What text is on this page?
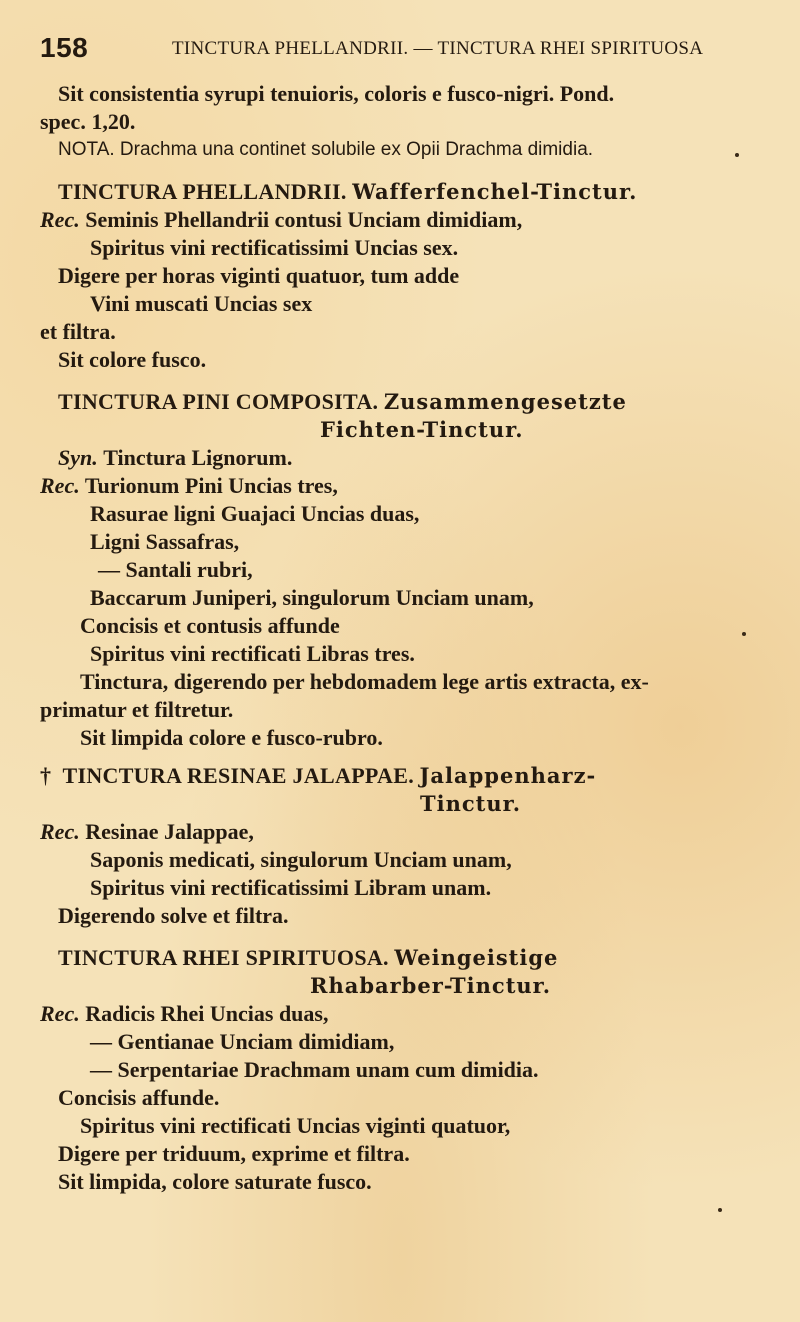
158	TINCTURA PHELLANDRII. — TINCTURA RHEI SPIRITUOSA
Sit consistentia syrupi tenuioris, coloris e fusco-nigri. Pond.
spec. 1,20.
NOTA. Drachma una continet solubile ex Opii Drachma dimidia.
TINCTURA PHELLANDRII. Wafferfenchel-Tinctur.
Rec. Seminis Phellandrii contusi Unciam dimidiam,
Spiritus vini rectificatissimi Uncias sex.
Digere per horas viginti quatuor, tum adde
Vini muscati Uncias sex
et filtra.
Sit colore fusco.
TINCTURA PINI COMPOSITA. Zusammengesetzte
Fichten-Tinctur.
Syn. Tinctura Lignorum.
Rec. Turionum Pini Uncias tres,
Rasurae ligni Guajaci Uncias duas,
Ligni Sassafras,
— Santali rubri,
Baccarum Juniperi, singulorum Unciam unam,
Concisis et contusis affunde
Spiritus vini rectificati Libras tres.
Tinctura, digerendo per hebdomadem lege artis extracta, ex-
primatur et filtretur.
Sit limpida colore e fusco-rubro.
† TINCTURA RESINAE JALAPPAE. Jalappenharz-
Tinctur.
Rec. Resinae Jalappae,
Saponis medicati, singulorum Unciam unam,
Spiritus vini rectificatissimi Libram unam.
Digerendo solve et filtra.
TINCTURA RHEI SPIRITUOSA. Weingeistige
Rhabarber-Tinctur.
Rec. Radicis Rhei Uncias duas,
— Gentianae Unciam dimidiam,
— Serpentariae Drachmam unam cum dimidia.
Concisis affunde.
Spiritus vini rectificati Uncias viginti quatuor,
Digere per triduum, exprime et filtra.
Sit limpida, colore saturate fusco.
